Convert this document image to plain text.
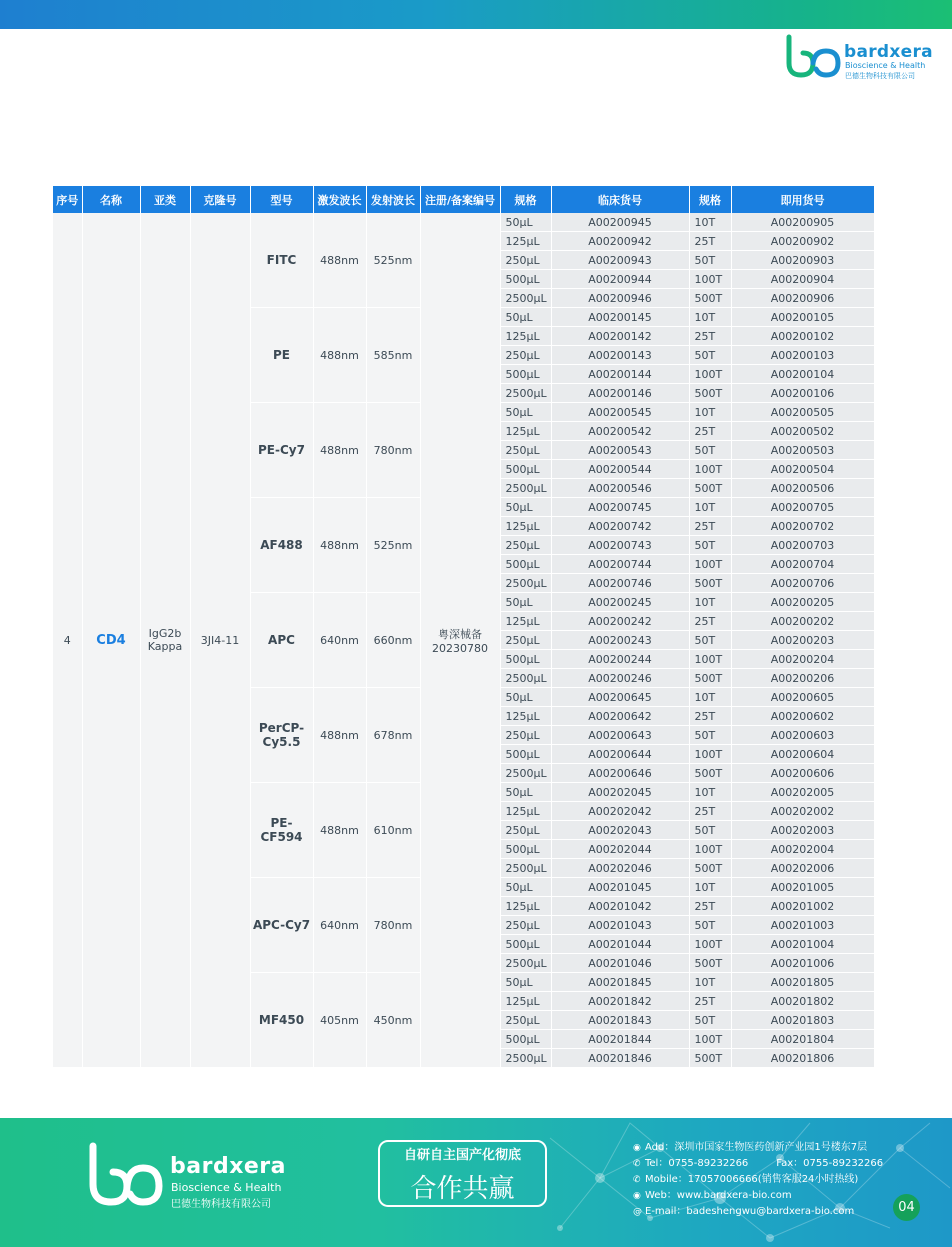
bardxera
Bioscience & Health
巴德生物科技有限公司
序号	名称	亚类	克隆号	型号	激发波长	发射波长	注册/备案编号	规格	临床货号	规格	即用货号
4	CD4	IgG2b Kappa	3JI4-11	FITC	488nm	525nm	粤深械备 20230780	50μL	A00200945	10T	A00200905
								125μL	A00200942	25T	A00200902
								250μL	A00200943	50T	A00200903
								500μL	A00200944	100T	A00200904
								2500μL	A00200946	500T	A00200906
				PE	488nm	585nm		50μL	A00200145	10T	A00200105
								125μL	A00200142	25T	A00200102
								250μL	A00200143	50T	A00200103
								500μL	A00200144	100T	A00200104
								2500μL	A00200146	500T	A00200106
				PE-Cy7	488nm	780nm		50μL	A00200545	10T	A00200505
								125μL	A00200542	25T	A00200502
								250μL	A00200543	50T	A00200503
								500μL	A00200544	100T	A00200504
								2500μL	A00200546	500T	A00200506
				AF488	488nm	525nm		50μL	A00200745	10T	A00200705
								125μL	A00200742	25T	A00200702
								250μL	A00200743	50T	A00200703
								500μL	A00200744	100T	A00200704
								2500μL	A00200746	500T	A00200706
				APC	640nm	660nm		50μL	A00200245	10T	A00200205
								125μL	A00200242	25T	A00200202
								250μL	A00200243	50T	A00200203
								500μL	A00200244	100T	A00200204
								2500μL	A00200246	500T	A00200206
				PerCP-Cy5.5	488nm	678nm		50μL	A00200645	10T	A00200605
								125μL	A00200642	25T	A00200602
								250μL	A00200643	50T	A00200603
								500μL	A00200644	100T	A00200604
								2500μL	A00200646	500T	A00200606
				PE-CF594	488nm	610nm		50μL	A00202045	10T	A00202005
								125μL	A00202042	25T	A00202002
								250μL	A00202043	50T	A00202003
								500μL	A00202044	100T	A00202004
								2500μL	A00202046	500T	A00202006
				APC-Cy7	640nm	780nm		50μL	A00201045	10T	A00201005
								125μL	A00201042	25T	A00201002
								250μL	A00201043	50T	A00201003
								500μL	A00201044	100T	A00201004
								2500μL	A00201046	500T	A00201006
				MF450	405nm	450nm		50μL	A00201845	10T	A00201805
								125μL	A00201842	25T	A00201802
								250μL	A00201843	50T	A00201803
								500μL	A00201844	100T	A00201804
								2500μL	A00201846	500T	A00201806
bardxera
Bioscience & Health
巴德生物科技有限公司
自研自主国产化彻底
合作共赢
◉ Add：深圳市国家生物医药创新产业园1号楼东7层
✆ Tel：0755-89232266	Fax：0755-89232266
✆ Mobile：17057006666(销售客服24小时热线)
◉ Web：www.bardxera-bio.com
@ E-mail：badeshengwu@bardxera-bio.com	04
